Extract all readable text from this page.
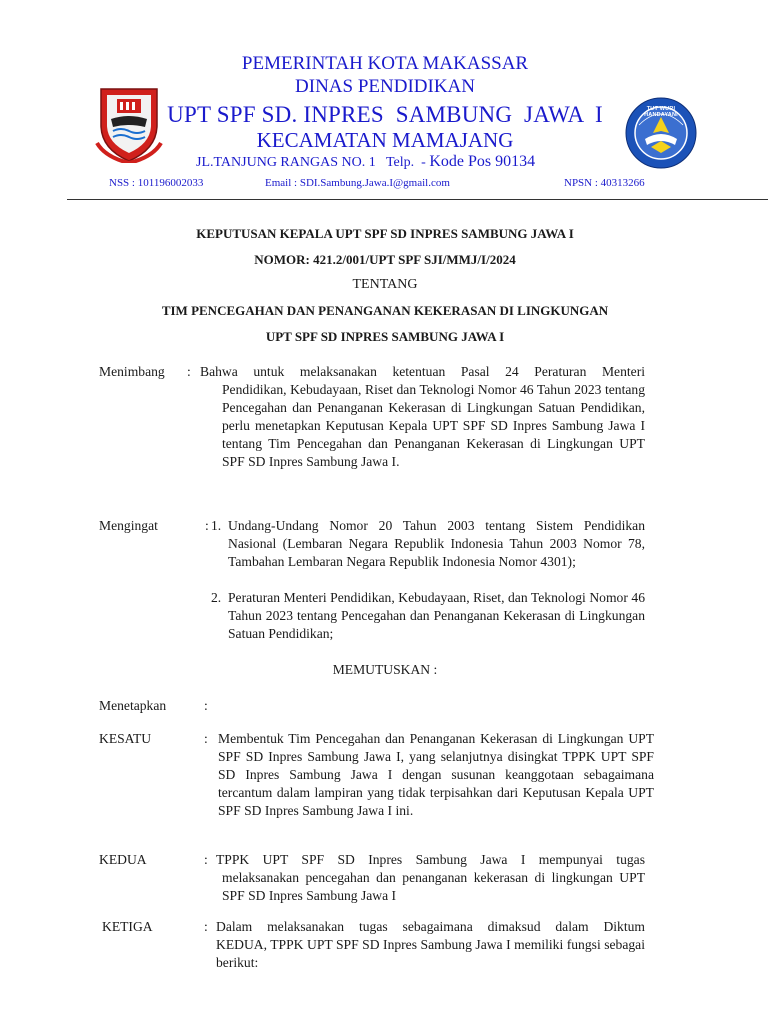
TUT WURI HANDAYANI
PEMERINTAH KOTA MAKASSAR
DINAS PENDIDIKAN
UPT SPF SD. INPRES  SAMBUNG  JAWA  I
KECAMATAN MAMAJANG
JL.TANJUNG RANGAS NO. 1   Telp.  - Kode Pos 90134
NSS : 101196002033	Email : SDI.Sambung.Jawa.I@gmail.com	NPSN : 40313266
KEPUTUSAN KEPALA UPT SPF SD INPRES SAMBUNG JAWA I
NOMOR: 421.2/001/UPT SPF SJI/MMJ/I/2024
TENTANG
TIM PENCEGAHAN DAN PENANGANAN KEKERASAN DI LINGKUNGAN
UPT SPF SD INPRES SAMBUNG JAWA I
Menimbang : Bahwa untuk melaksanakan ketentuan Pasal 24 Peraturan Menteri
Pendidikan, Kebudayaan, Riset dan Teknologi Nomor 46 Tahun 2023 tentang Pencegahan dan Penanganan Kekerasan di Lingkungan Satuan Pendidikan, perlu menetapkan Keputusan Kepala UPT SPF SD Inpres Sambung Jawa I tentang Tim Pencegahan dan Penanganan Kekerasan di Lingkungan UPT SPF SD Inpres Sambung Jawa I.
Mengingat	: 1. Undang-Undang Nomor 20 Tahun 2003 tentang Sistem Pendidikan Nasional (Lembaran Negara Republik Indonesia Tahun 2003 Nomor 78, Tambahan Lembaran Negara Republik Indonesia Nomor 4301);
2. Peraturan Menteri Pendidikan, Kebudayaan, Riset, dan Teknologi Nomor 46 Tahun 2023 tentang Pencegahan dan Penanganan Kekerasan di Lingkungan Satuan Pendidikan;
MEMUTUSKAN :
Menetapkan	:
KESATU	: Membentuk Tim Pencegahan dan Penanganan Kekerasan di Lingkungan UPT SPF SD Inpres Sambung Jawa I, yang selanjutnya disingkat TPPK UPT SPF SD Inpres Sambung Jawa I dengan susunan keanggotaan sebagaimana tercantum dalam lampiran yang tidak terpisahkan dari Keputusan Kepala UPT SPF SD Inpres Sambung Jawa I ini.
KEDUA	: TPPK UPT SPF SD Inpres Sambung Jawa I mempunyai tugas
melaksanakan pencegahan dan penanganan kekerasan di lingkungan UPT SPF SD Inpres Sambung Jawa I
KETIGA	: Dalam melaksanakan tugas sebagaimana dimaksud dalam Diktum
KEDUA, TPPK UPT SPF SD Inpres Sambung Jawa I memiliki fungsi sebagai berikut:
